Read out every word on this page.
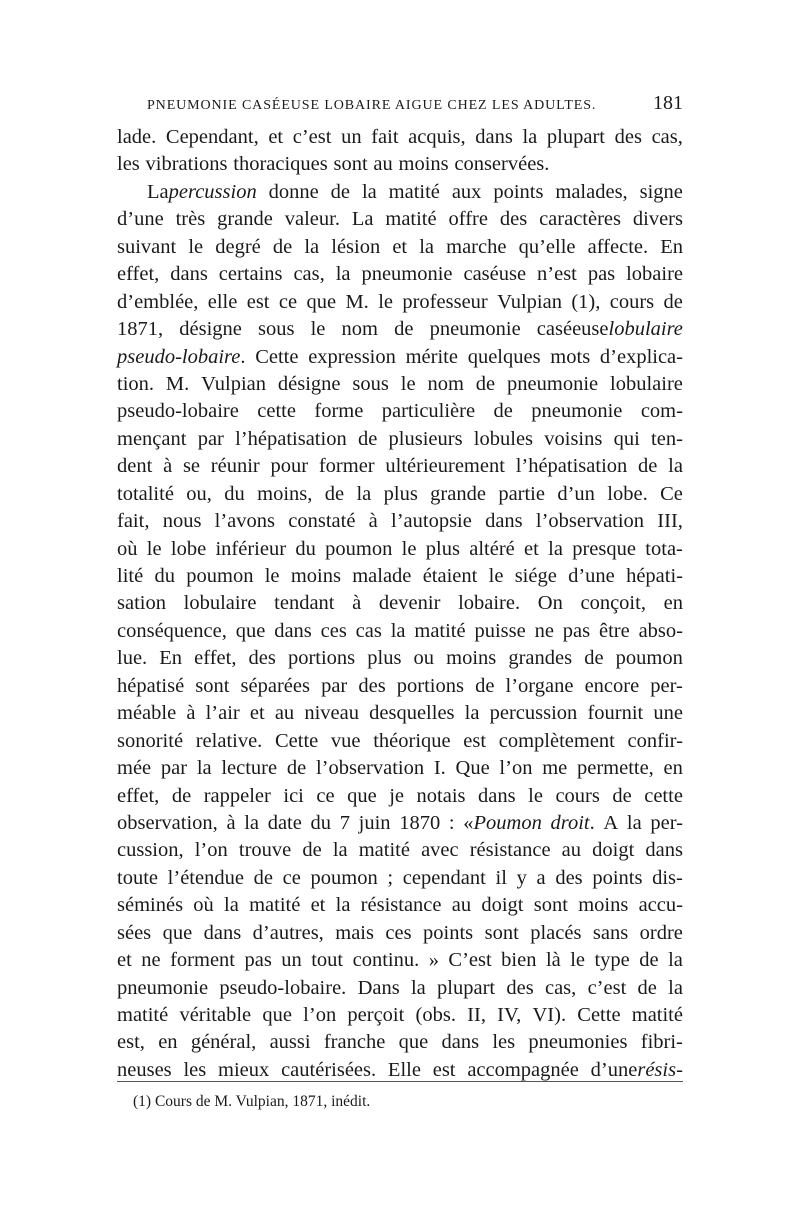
PNEUMONIE CASÉEUSE LOBAIRE AIGUE CHEZ LES ADULTES.	181
lade. Cependant, et c’est un fait acquis, dans la plupart des cas,
les vibrations thoraciques sont au moins conservées.
Lapercussion donne de la matité aux points malades, signe
d’une très grande valeur. La matité offre des caractères divers
suivant le degré de la lésion et la marche qu’elle affecte. En
effet, dans certains cas, la pneumonie caséuse n’est pas lobaire
d’emblée, elle est ce que M. le professeur Vulpian (1), cours de
1871, désigne sous le nom de pneumonie caséeuselobulaire
pseudo-lobaire. Cette expression mérite quelques mots d’explica-
tion. M. Vulpian désigne sous le nom de pneumonie lobulaire
pseudo-lobaire cette forme particulière de pneumonie com-
mençant par l’hépatisation de plusieurs lobules voisins qui ten-
dent à se réunir pour former ultérieurement l’hépatisation de la
totalité ou, du moins, de la plus grande partie d’un lobe. Ce
fait, nous l’avons constaté à l’autopsie dans l’observation III,
où le lobe inférieur du poumon le plus altéré et la presque tota-
lité du poumon le moins malade étaient le siége d’une hépati-
sation lobulaire tendant à devenir lobaire. On conçoit, en
conséquence, que dans ces cas la matité puisse ne pas être abso-
lue. En effet, des portions plus ou moins grandes de poumon
hépatisé sont séparées par des portions de l’organe encore per-
méable à l’air et au niveau desquelles la percussion fournit une
sonorité relative. Cette vue théorique est complètement confir-
mée par la lecture de l’observation I. Que l’on me permette, en
effet, de rappeler ici ce que je notais dans le cours de cette
observation, à la date du 7 juin 1870 : «Poumon droit. A la per-
cussion, l’on trouve de la matité avec résistance au doigt dans
toute l’étendue de ce poumon ; cependant il y a des points dis-
séminés où la matité et la résistance au doigt sont moins accu-
sées que dans d’autres, mais ces points sont placés sans ordre
et ne forment pas un tout continu. » C’est bien là le type de la
pneumonie pseudo-lobaire. Dans la plupart des cas, c’est de la
matité véritable que l’on perçoit (obs. II, IV, VI). Cette matité
est, en général, aussi franche que dans les pneumonies fibri-
neuses les mieux cautérisées. Elle est accompagnée d’unerésis-
(1) Cours de M. Vulpian, 1871, inédit.
